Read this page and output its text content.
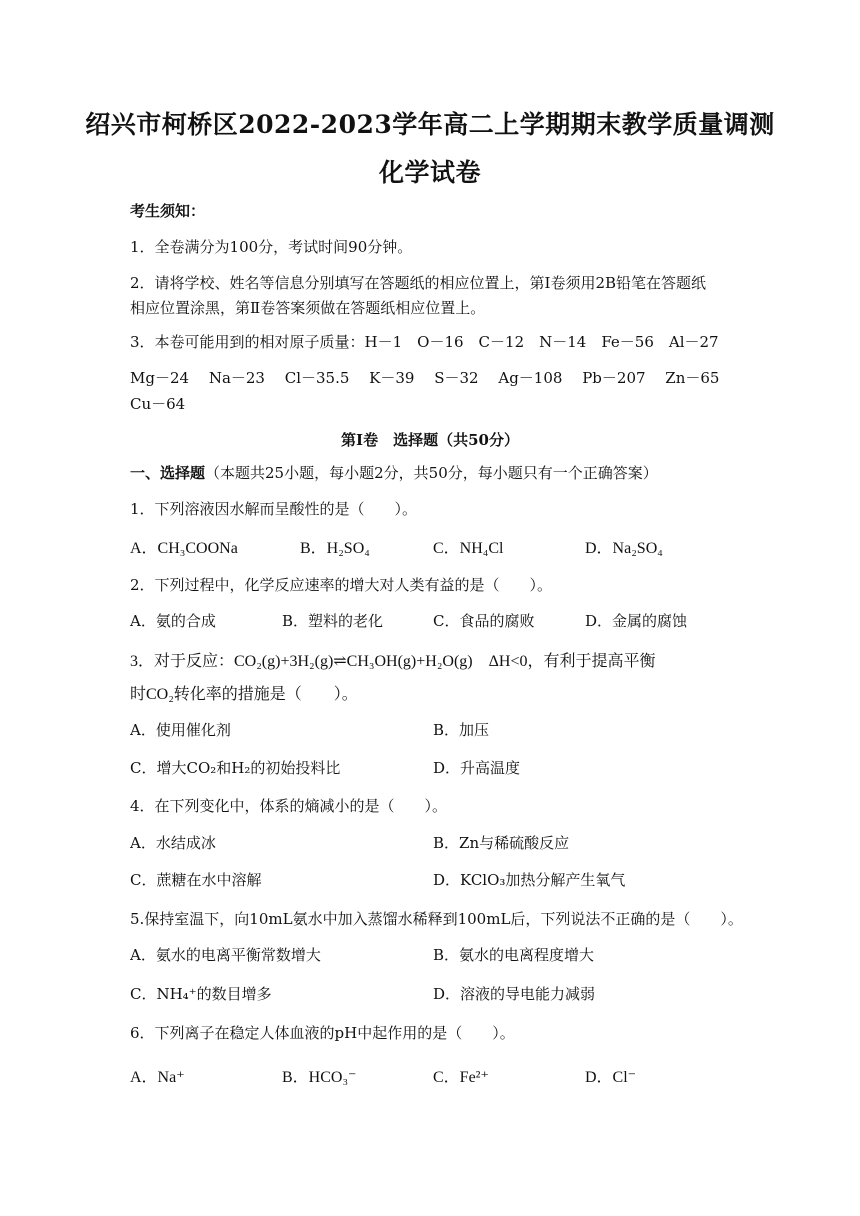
绍兴市柯桥区2022-2023学年高二上学期期末教学质量调测
化学试卷
考生须知：
1．全卷满分为100分，考试时间90分钟。
2．请将学校、姓名等信息分别填写在答题纸的相应位置上，第Ⅰ卷须用2B铅笔在答题纸
相应位置涂黑，第Ⅱ卷答案须做在答题纸相应位置上。
3．本卷可能用到的相对原子质量：H－1　O－16　C－12　N－14　Fe－56　Al－27
Mg－24　 Na－23　 Cl－35.5　 K－39　 S－32　 Ag－108　 Pb－207　 Zn－65
Cu－64
第Ⅰ卷　选择题（共50分）
一、选择题（本题共25小题，每小题2分，共50分，每小题只有一个正确答案）
1．下列溶液因水解而呈酸性的是（　　）。
A．CH₃COONa	B．H₂SO₄	C．NH₄Cl	D．Na₂SO₄
2．下列过程中，化学反应速率的增大对人类有益的是（　　）。
A．氨的合成	B．塑料的老化	C．食品的腐败	D．金属的腐蚀
3．对于反应：CO₂(g)+3H₂(g)⇌CH₃OH(g)+H₂O(g)　ΔH<0，有利于提高平衡
时CO₂转化率的措施是（　　）。
A．使用催化剂	B．加压
C．增大CO₂和H₂的初始投料比	D．升高温度
4．在下列变化中，体系的熵减小的是（　　）。
A．水结成冰	B．Zn与稀硫酸反应
C．蔗糖在水中溶解	D．KClO₃加热分解产生氧气
5.保持室温下，向10mL氨水中加入蒸馏水稀释到100mL后，下列说法不正确的是（　　）。
A．氨水的电离平衡常数增大	B．氨水的电离程度增大
C．NH₄⁺的数目增多	D．溶液的导电能力减弱
6．下列离子在稳定人体血液的pH中起作用的是（　　）。
A．Na⁺	B．HCO₃⁻	C．Fe²⁺	D．Cl⁻
